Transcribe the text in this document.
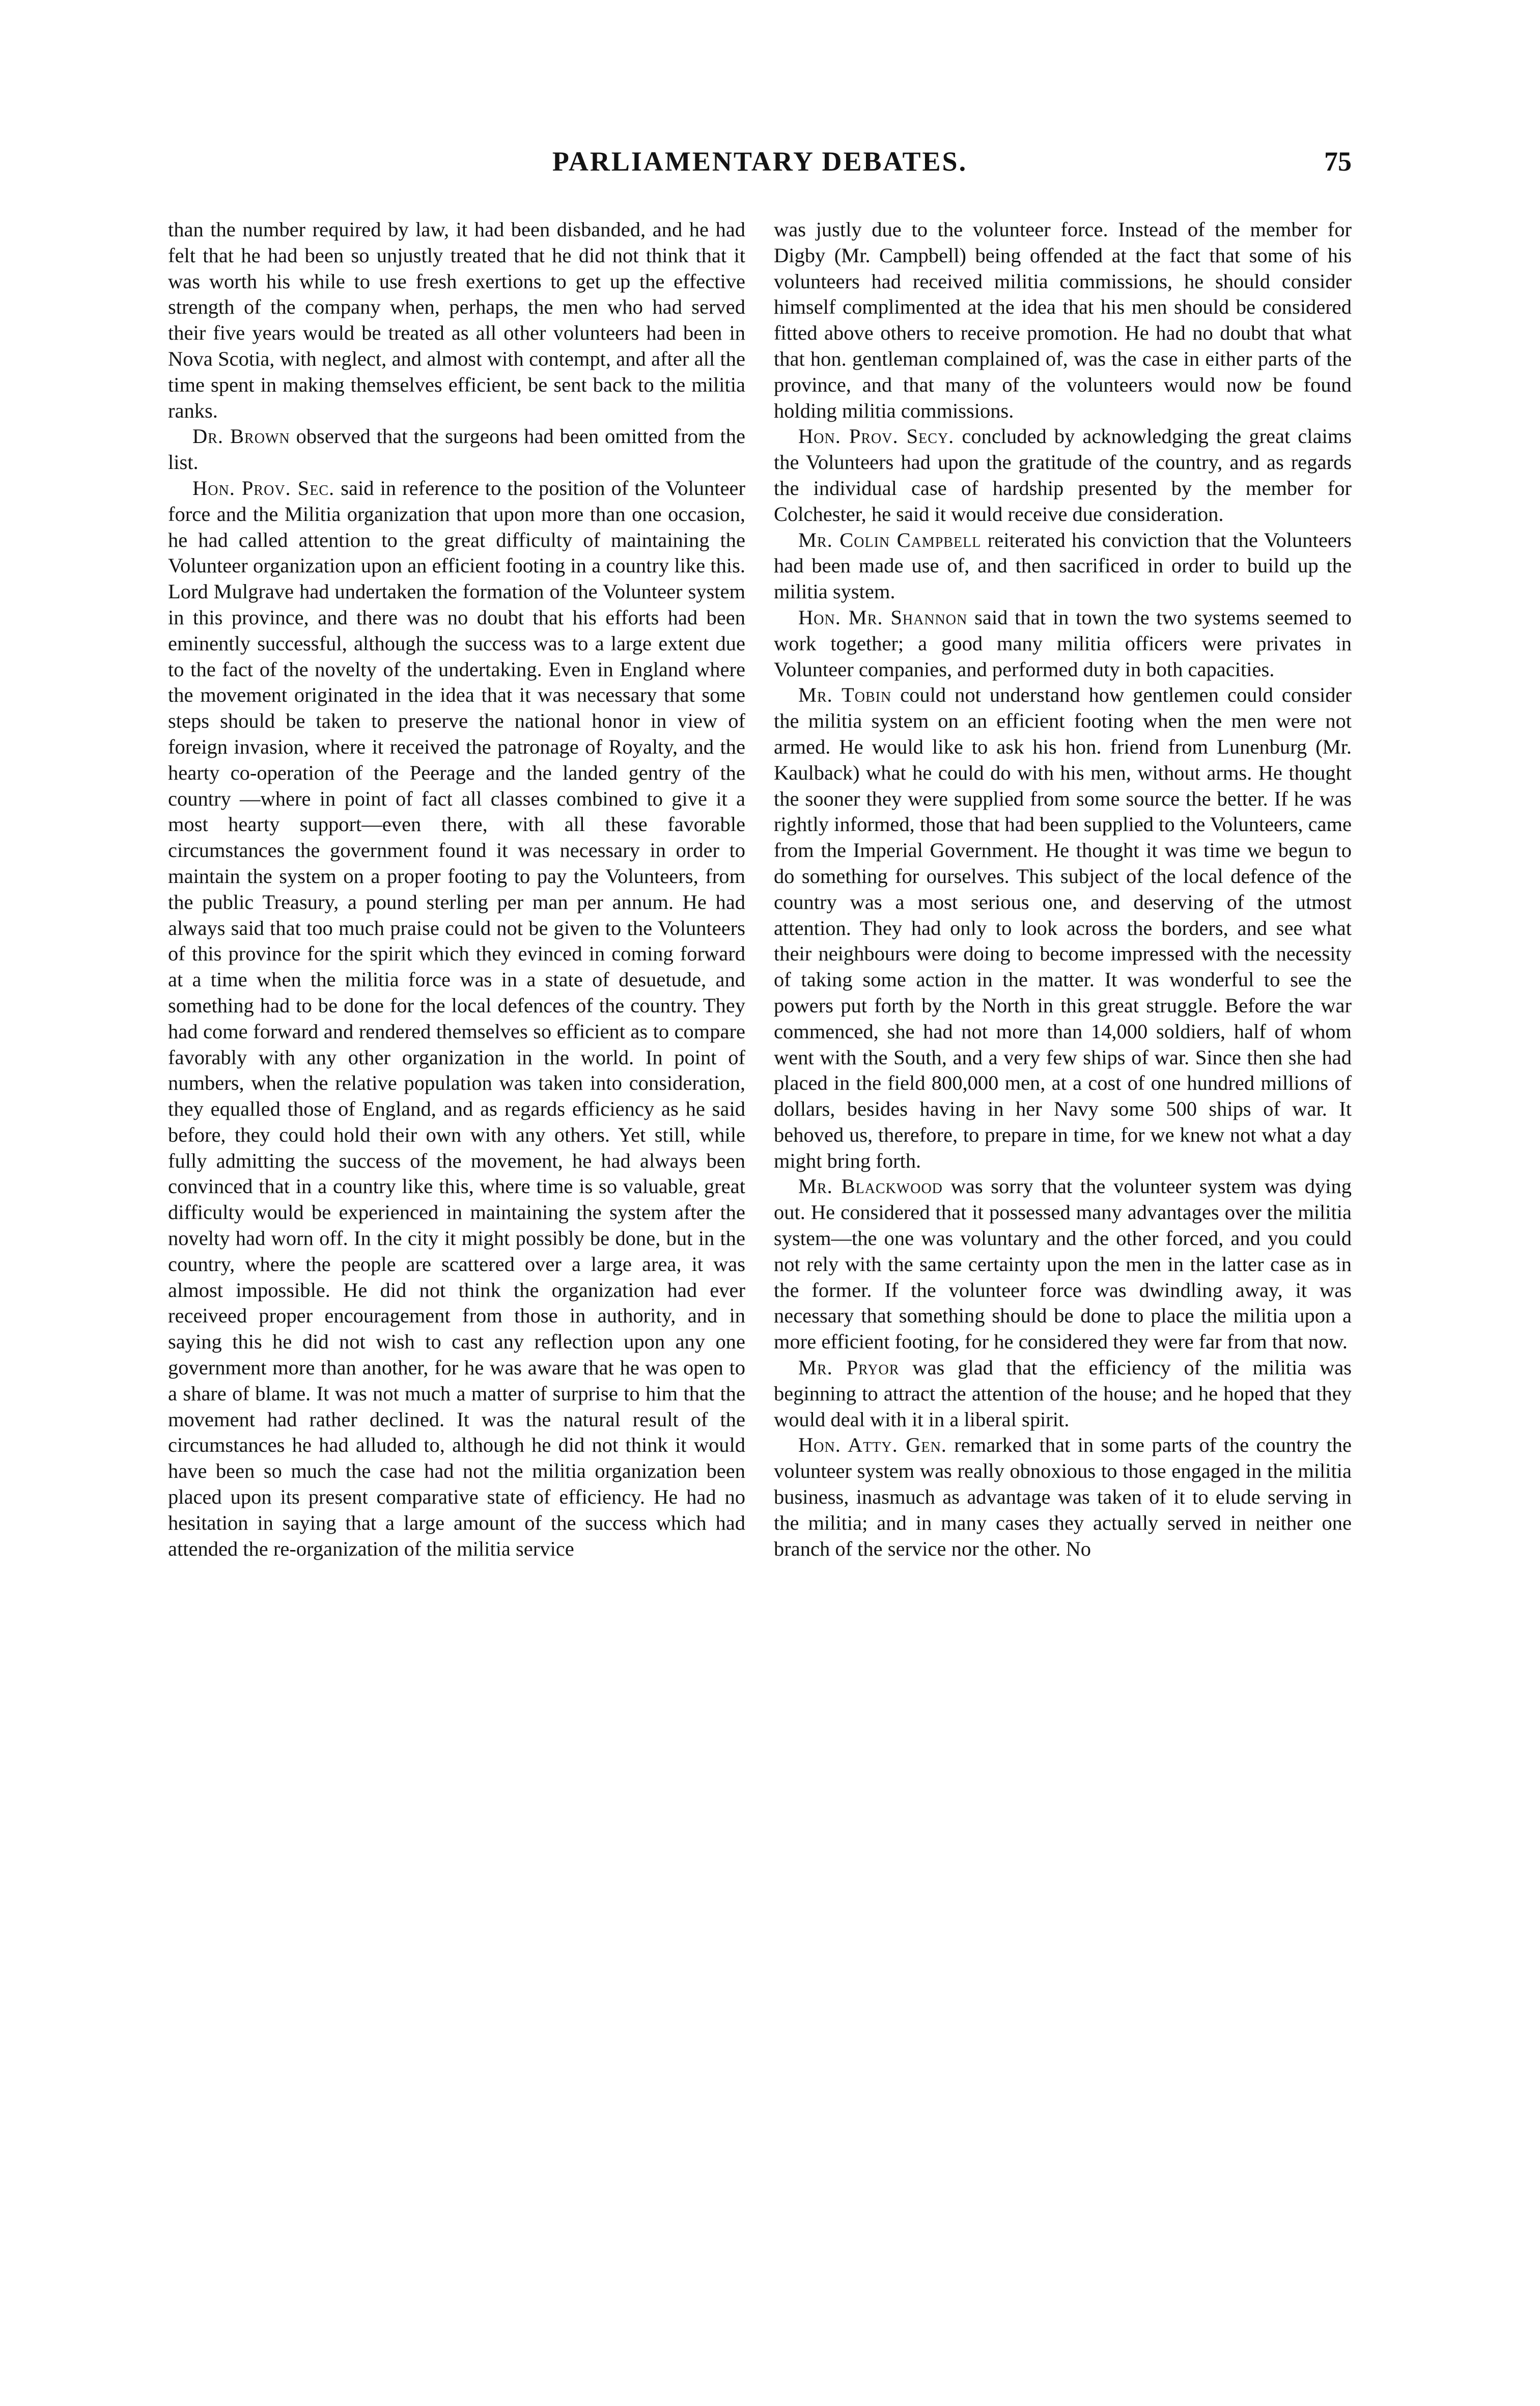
PARLIAMENTARY DEBATES.	75

than the number required by law, it had been disbanded, and he had felt that he had been so unjustly treated that he did not think that it was worth his while to use fresh exertions to get up the effective strength of the company when, perhaps, the men who had served their five years would be treated as all other volunteers had been in Nova Scotia, with neglect, and almost with contempt, and after all the time spent in making themselves efficient, be sent back to the militia ranks.

Dr. Brown observed that the surgeons had been omitted from the list.

Hon. Prov. Sec. said in reference to the position of the Volunteer force and the Militia organization that upon more than one occasion, he had called attention to the great difficulty of maintaining the Volunteer organization upon an efficient footing in a country like this. Lord Mulgrave had undertaken the formation of the Volunteer system in this province, and there was no doubt that his efforts had been eminently successful, although the success was to a large extent due to the fact of the novelty of the undertaking. Even in England where the movement originated in the idea that it was necessary that some steps should be taken to preserve the national honor in view of foreign invasion, where it received the patronage of Royalty, and the hearty co-operation of the Peerage and the landed gentry of the country —where in point of fact all classes combined to give it a most hearty support—even there, with all these favorable circumstances the government found it was necessary in order to maintain the system on a proper footing to pay the Volunteers, from the public Treasury, a pound sterling per man per annum. He had always said that too much praise could not be given to the Volunteers of this province for the spirit which they evinced in coming forward at a time when the militia force was in a state of desuetude, and something had to be done for the local defences of the country. They had come forward and rendered themselves so efficient as to compare favorably with any other organization in the world. In point of numbers, when the relative population was taken into consideration, they equalled those of England, and as regards efficiency as he said before, they could hold their own with any others. Yet still, while fully admitting the success of the movement, he had always been convinced that in a country like this, where time is so valuable, great difficulty would be experienced in maintaining the system after the novelty had worn off. In the city it might possibly be done, but in the country, where the people are scattered over a large area, it was almost impossible. He did not think the organization had ever receiveed proper encouragement from those in authority, and in saying this he did not wish to cast any reflection upon any one government more than another, for he was aware that he was open to a share of blame. It was not much a matter of surprise to him that the movement had rather declined. It was the natural result of the circumstances he had alluded to, although he did not think it would have been so much the case had not the militia organization been placed upon its present comparative state of efficiency. He had no hesitation in saying that a large amount of the success which had attended the re-organization of the militia service

was justly due to the volunteer force. Instead of the member for Digby (Mr. Campbell) being offended at the fact that some of his volunteers had received militia commissions, he should consider himself complimented at the idea that his men should be considered fitted above others to receive promotion. He had no doubt that what that hon. gentleman complained of, was the case in either parts of the province, and that many of the volunteers would now be found holding militia commissions.

Hon. Prov. Secy. concluded by acknowledging the great claims the Volunteers had upon the gratitude of the country, and as regards the individual case of hardship presented by the member for Colchester, he said it would receive due consideration.

Mr. Colin Campbell reiterated his conviction that the Volunteers had been made use of, and then sacrificed in order to build up the militia system.

Hon. Mr. Shannon said that in town the two systems seemed to work together; a good many militia officers were privates in Volunteer companies, and performed duty in both capacities.

Mr. Tobin could not understand how gentlemen could consider the militia system on an efficient footing when the men were not armed. He would like to ask his hon. friend from Lunenburg (Mr. Kaulback) what he could do with his men, without arms. He thought the sooner they were supplied from some source the better. If he was rightly informed, those that had been supplied to the Volunteers, came from the Imperial Government. He thought it was time we begun to do something for ourselves. This subject of the local defence of the country was a most serious one, and deserving of the utmost attention. They had only to look across the borders, and see what their neighbours were doing to become impressed with the necessity of taking some action in the matter. It was wonderful to see the powers put forth by the North in this great struggle. Before the war commenced, she had not more than 14,000 soldiers, half of whom went with the South, and a very few ships of war. Since then she had placed in the field 800,000 men, at a cost of one hundred millions of dollars, besides having in her Navy some 500 ships of war. It behoved us, therefore, to prepare in time, for we knew not what a day might bring forth.

Mr. Blackwood was sorry that the volunteer system was dying out. He considered that it possessed many advantages over the militia system—the one was voluntary and the other forced, and you could not rely with the same certainty upon the men in the latter case as in the former. If the volunteer force was dwindling away, it was necessary that something should be done to place the militia upon a more efficient footing, for he considered they were far from that now.

Mr. Pryor was glad that the efficiency of the militia was beginning to attract the attention of the house; and he hoped that they would deal with it in a liberal spirit.

Hon. Atty. Gen. remarked that in some parts of the country the volunteer system was really obnoxious to those engaged in the militia business, inasmuch as advantage was taken of it to elude serving in the militia; and in many cases they actually served in neither one branch of the service nor the other. No
